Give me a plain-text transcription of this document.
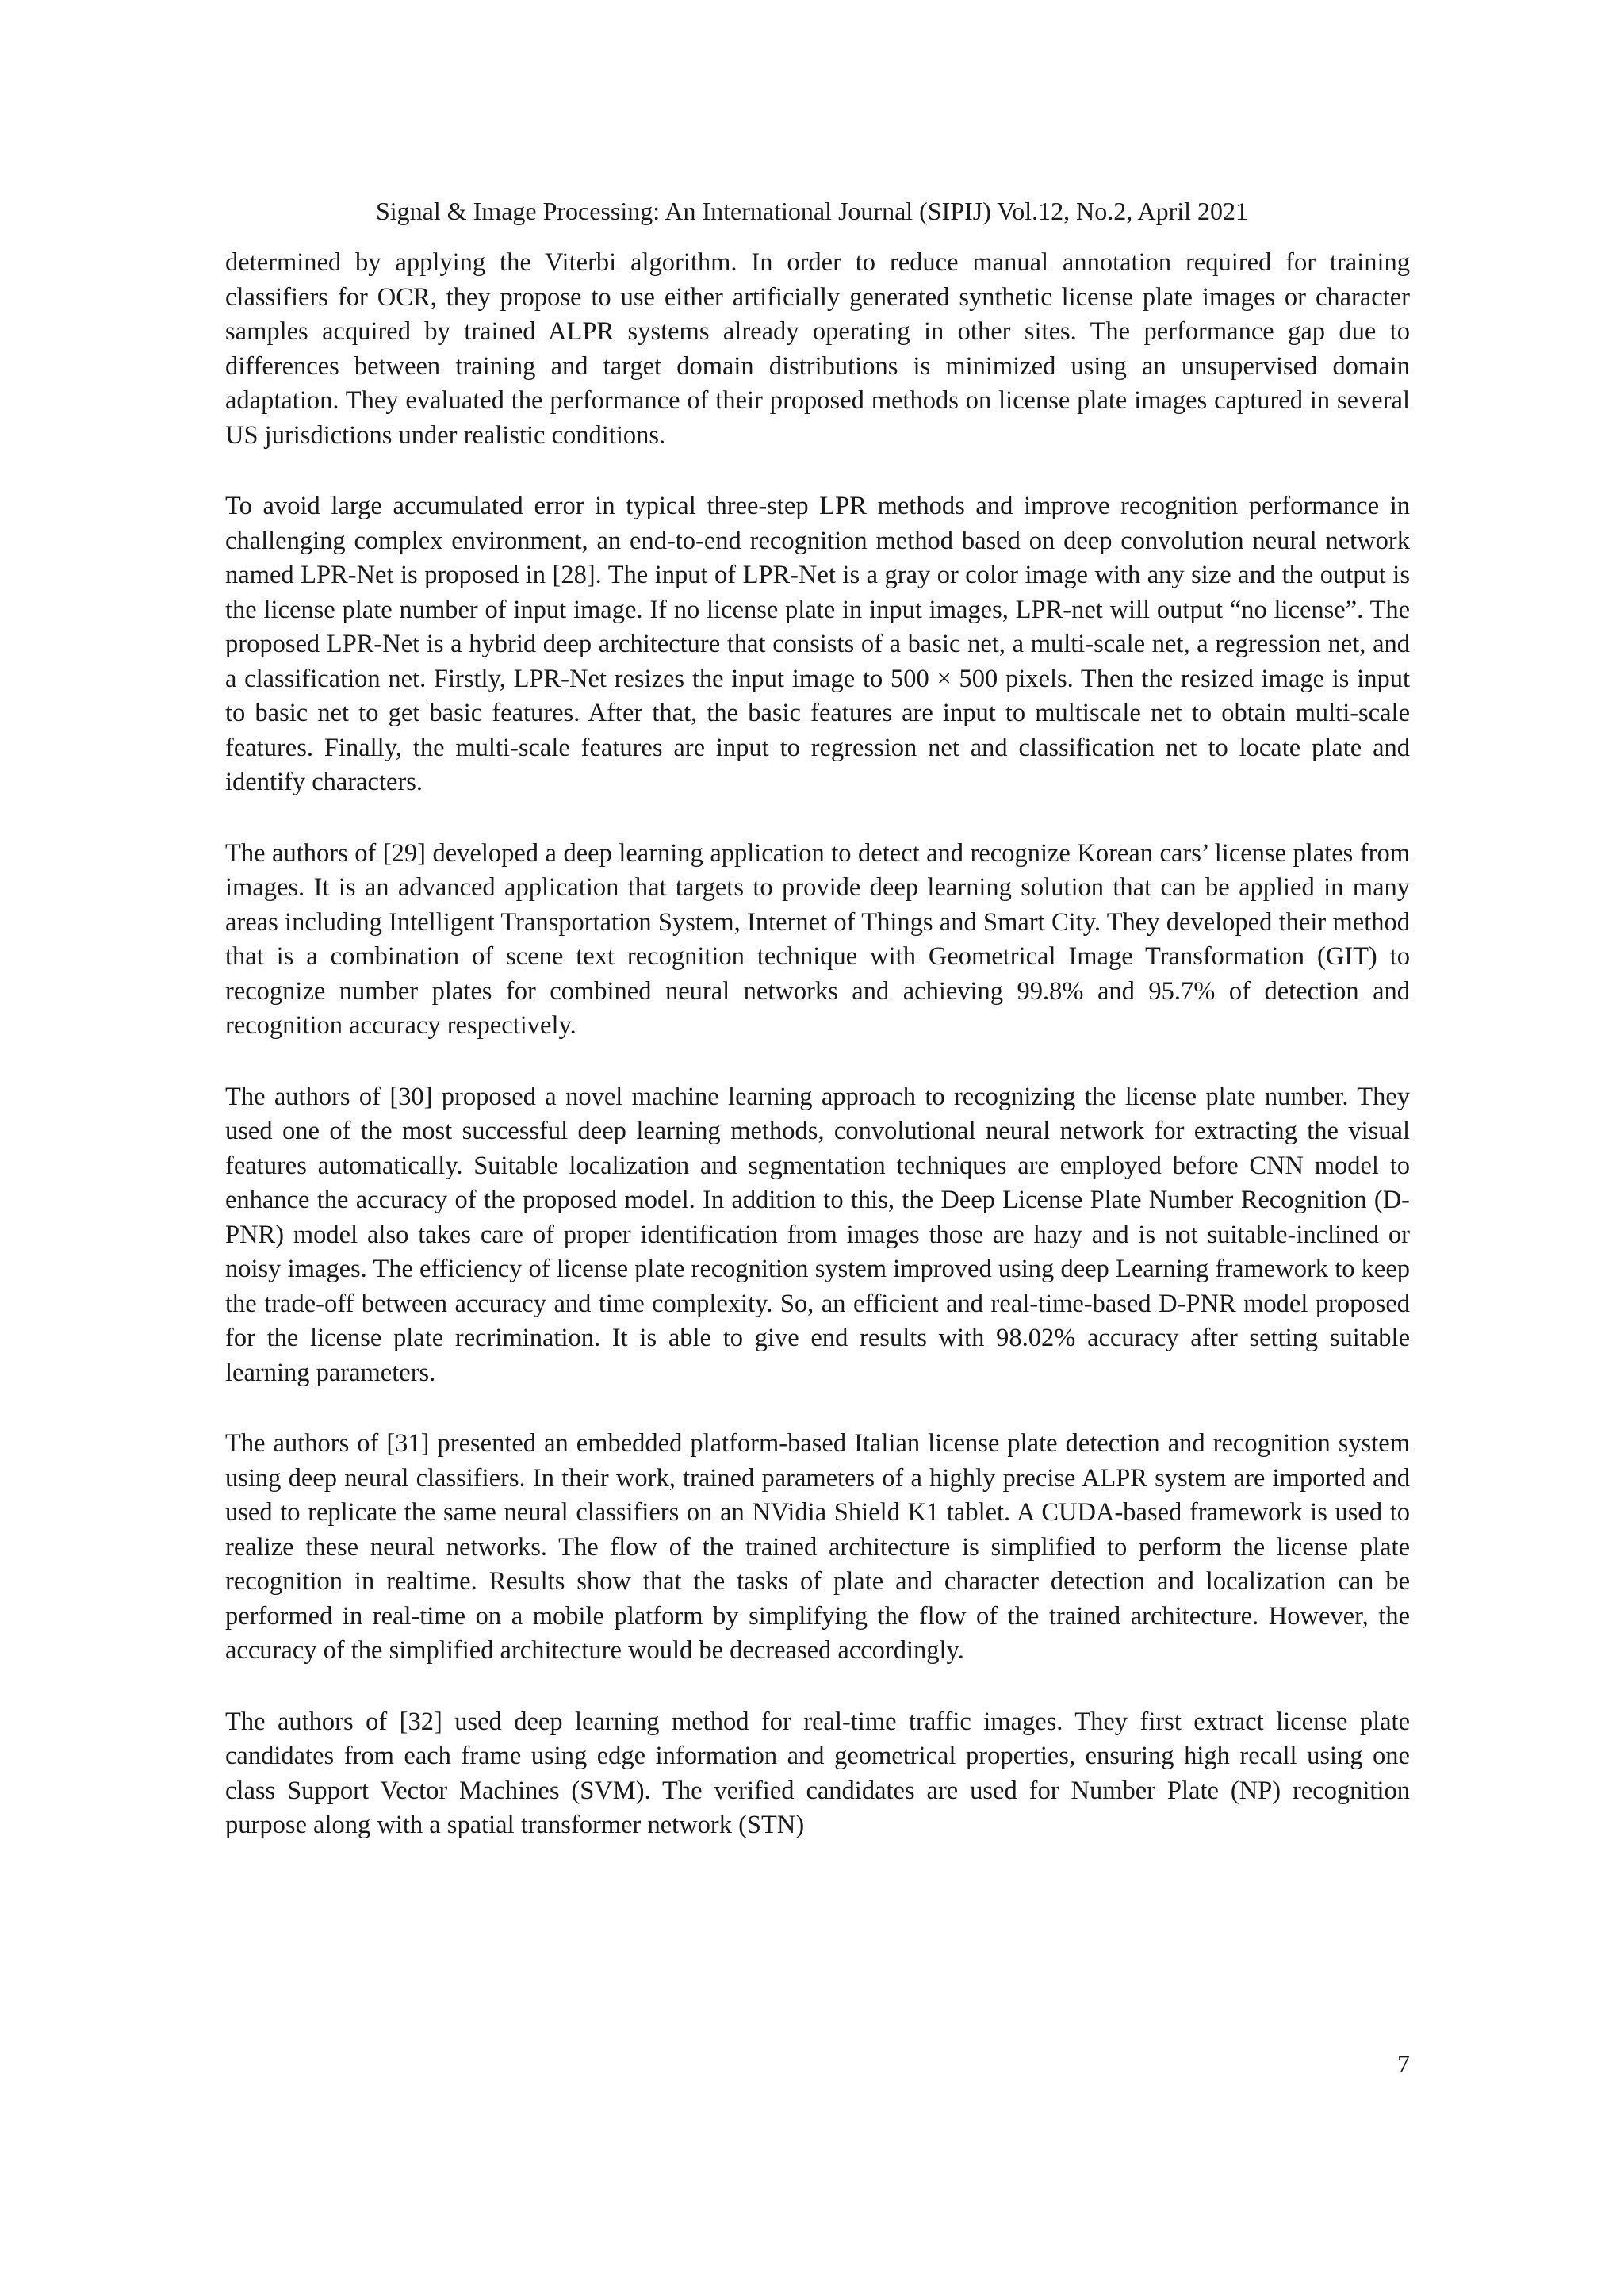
Signal & Image Processing: An International Journal (SIPIJ) Vol.12, No.2, April 2021

determined by applying the Viterbi algorithm. In order to reduce manual annotation required for training classifiers for OCR, they propose to use either artificially generated synthetic license plate images or character samples acquired by trained ALPR systems already operating in other sites. The performance gap due to differences between training and target domain distributions is minimized using an unsupervised domain adaptation. They evaluated the performance of their proposed methods on license plate images captured in several US jurisdictions under realistic conditions.

To avoid large accumulated error in typical three-step LPR methods and improve recognition performance in challenging complex environment, an end-to-end recognition method based on deep convolution neural network named LPR-Net is proposed in [28]. The input of LPR-Net is a gray or color image with any size and the output is the license plate number of input image. If no license plate in input images, LPR-net will output “no license”. The proposed LPR-Net is a hybrid deep architecture that consists of a basic net, a multi-scale net, a regression net, and a classification net. Firstly, LPR-Net resizes the input image to 500 × 500 pixels. Then the resized image is input to basic net to get basic features. After that, the basic features are input to multiscale net to obtain multi-scale features. Finally, the multi-scale features are input to regression net and classification net to locate plate and identify characters.

The authors of [29] developed a deep learning application to detect and recognize Korean cars’ license plates from images. It is an advanced application that targets to provide deep learning solution that can be applied in many areas including Intelligent Transportation System, Internet of Things and Smart City. They developed their method that is a combination of scene text recognition technique with Geometrical Image Transformation (GIT) to recognize number plates for combined neural networks and achieving 99.8% and 95.7% of detection and recognition accuracy respectively.

The authors of [30] proposed a novel machine learning approach to recognizing the license plate number. They used one of the most successful deep learning methods, convolutional neural network for extracting the visual features automatically. Suitable localization and segmentation techniques are employed before CNN model to enhance the accuracy of the proposed model. In addition to this, the Deep License Plate Number Recognition (D-PNR) model also takes care of proper identification from images those are hazy and is not suitable-inclined or noisy images. The efficiency of license plate recognition system improved using deep Learning framework to keep the trade-off between accuracy and time complexity. So, an efficient and real-time-based D-PNR model proposed for the license plate recrimination. It is able to give end results with 98.02% accuracy after setting suitable learning parameters.

The authors of [31] presented an embedded platform-based Italian license plate detection and recognition system using deep neural classifiers. In their work, trained parameters of a highly precise ALPR system are imported and used to replicate the same neural classifiers on an NVidia Shield K1 tablet. A CUDA-based framework is used to realize these neural networks. The flow of the trained architecture is simplified to perform the license plate recognition in realtime. Results show that the tasks of plate and character detection and localization can be performed in real-time on a mobile platform by simplifying the flow of the trained architecture. However, the accuracy of the simplified architecture would be decreased accordingly.

The authors of [32] used deep learning method for real-time traffic images. They first extract license plate candidates from each frame using edge information and geometrical properties, ensuring high recall using one class Support Vector Machines (SVM). The verified candidates are used for Number Plate (NP) recognition purpose along with a spatial transformer network (STN)

7
